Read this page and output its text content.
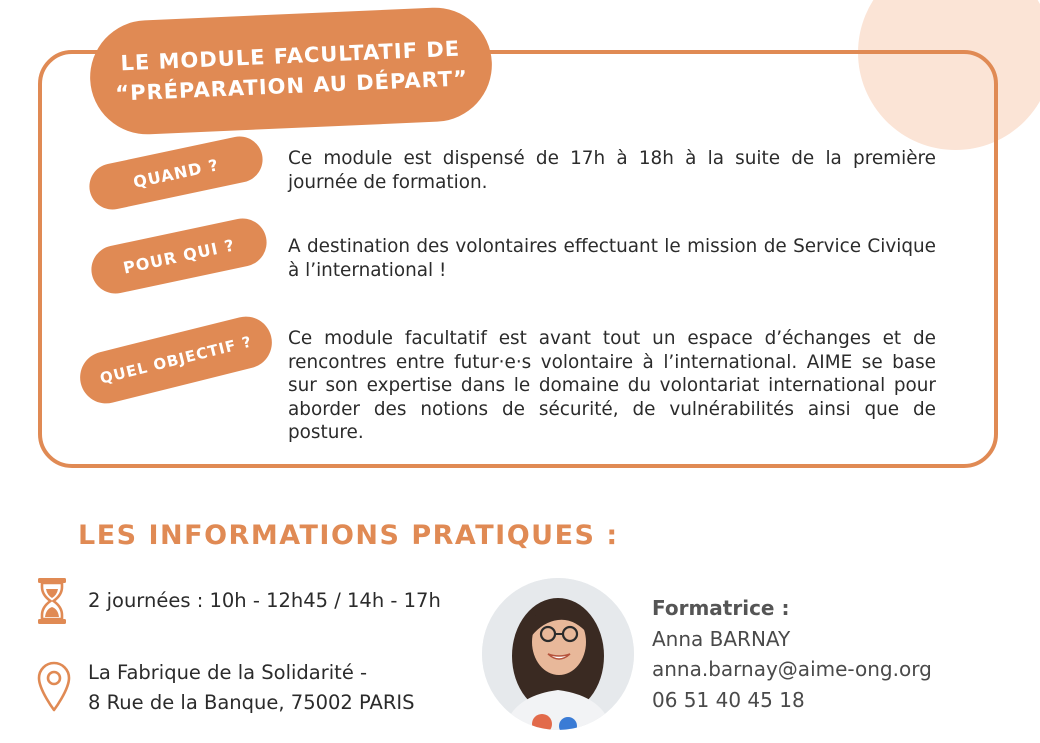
LE MODULE FACULTATIF DE
“PRÉPARATION AU DÉPART”
QUAND ?	Ce module est dispensé de 17h à 18h à la suite de la première journée de formation.
POUR QUI ?	A destination des volontaires effectuant le mission de Service Civique à l’international !
QUEL OBJECTIF ?	Ce module facultatif est avant tout un espace d’échanges et de rencontres entre futur·e·s volontaire à l’international. AIME se base sur son expertise dans le domaine du volontariat international pour aborder des notions de sécurité, de vulnérabilités ainsi que de posture.
LES INFORMATIONS PRATIQUES :
2 journées : 10h - 12h45 / 14h - 17h
La Fabrique de la Solidarité -
8 Rue de la Banque, 75002 PARIS
Formatrice :
Anna BARNAY
anna.barnay@aime-ong.org
06 51 40 45 18
